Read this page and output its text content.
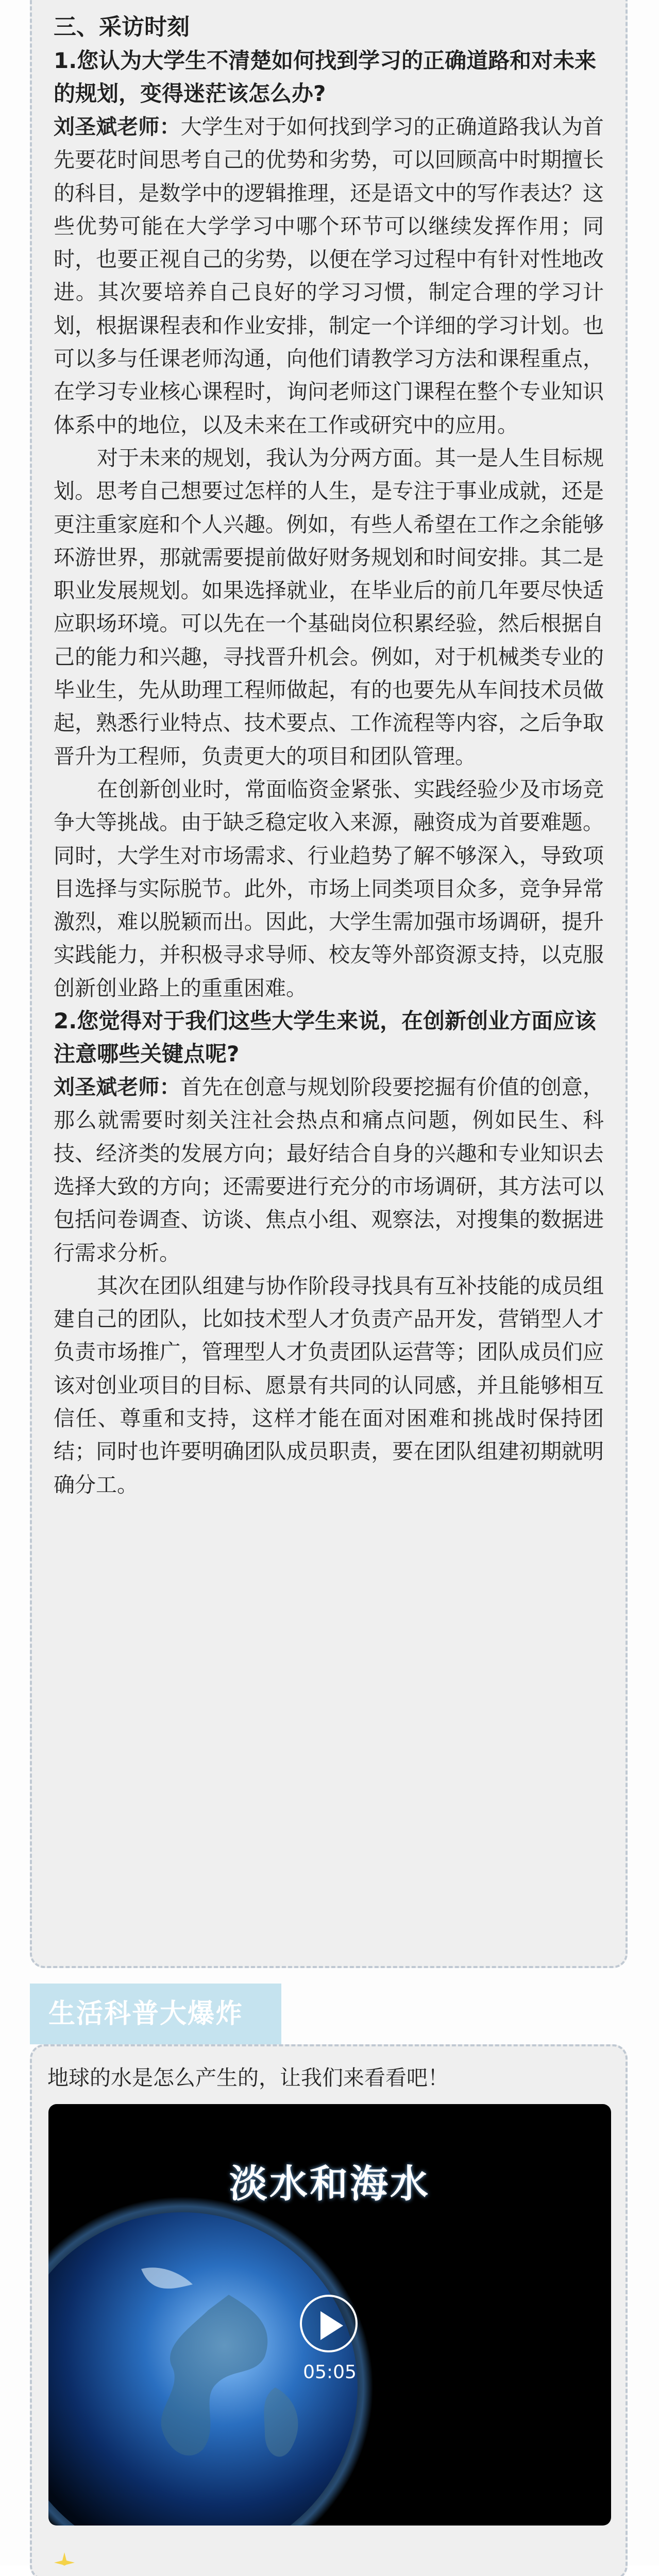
三、采访时刻

1.您认为大学生不清楚如何找到学习的正确道路和对未来的规划，变得迷茫该怎么办?

刘圣斌老师：大学生对于如何找到学习的正确道路我认为首先要花时间思考自己的优势和劣势，可以回顾高中时期擅长的科目，是数学中的逻辑推理，还是语文中的写作表达？这些优势可能在大学学习中哪个环节可以继续发挥作用；同时，也要正视自己的劣势，以便在学习过程中有针对性地改进。其次要培养自己良好的学习习惯，制定合理的学习计划，根据课程表和作业安排，制定一个详细的学习计划。也可以多与任课老师沟通，向他们请教学习方法和课程重点，在学习专业核心课程时，询问老师这门课程在整个专业知识体系中的地位，以及未来在工作或研究中的应用。

对于未来的规划，我认为分两方面。其一是人生目标规划。思考自己想要过怎样的人生，是专注于事业成就，还是更注重家庭和个人兴趣。例如，有些人希望在工作之余能够环游世界，那就需要提前做好财务规划和时间安排。其二是职业发展规划。如果选择就业，在毕业后的前几年要尽快适应职场环境。可以先在一个基础岗位积累经验，然后根据自己的能力和兴趣，寻找晋升机会。例如，对于机械类专业的毕业生，先从助理工程师做起，有的也要先从车间技术员做起，熟悉行业特点、技术要点、工作流程等内容，之后争取晋升为工程师，负责更大的项目和团队管理。

在创新创业时，常面临资金紧张、实践经验少及市场竞争大等挑战。由于缺乏稳定收入来源，融资成为首要难题。同时，大学生对市场需求、行业趋势了解不够深入，导致项目选择与实际脱节。此外，市场上同类项目众多，竞争异常激烈，难以脱颖而出。因此，大学生需加强市场调研，提升实践能力，并积极寻求导师、校友等外部资源支持，以克服创新创业路上的重重困难。

2.您觉得对于我们这些大学生来说，在创新创业方面应该注意哪些关键点呢?

刘圣斌老师：首先在创意与规划阶段要挖掘有价值的创意，那么就需要时刻关注社会热点和痛点问题，例如民生、科技、经济类的发展方向；最好结合自身的兴趣和专业知识去选择大致的方向；还需要进行充分的市场调研，其方法可以包括问卷调查、访谈、焦点小组、观察法，对搜集的数据进行需求分析。

其次在团队组建与协作阶段寻找具有互补技能的成员组建自己的团队，比如技术型人才负责产品开发，营销型人才负责市场推广，管理型人才负责团队运营等；团队成员们应该对创业项目的目标、愿景有共同的认同感，并且能够相互信任、尊重和支持，这样才能在面对困难和挑战时保持团结；同时也许要明确团队成员职责，要在团队组建初期就明确分工。

生活科普大爆炸
地球的水是怎么产生的，让我们来看看吧！
淡水和海水
05:05
